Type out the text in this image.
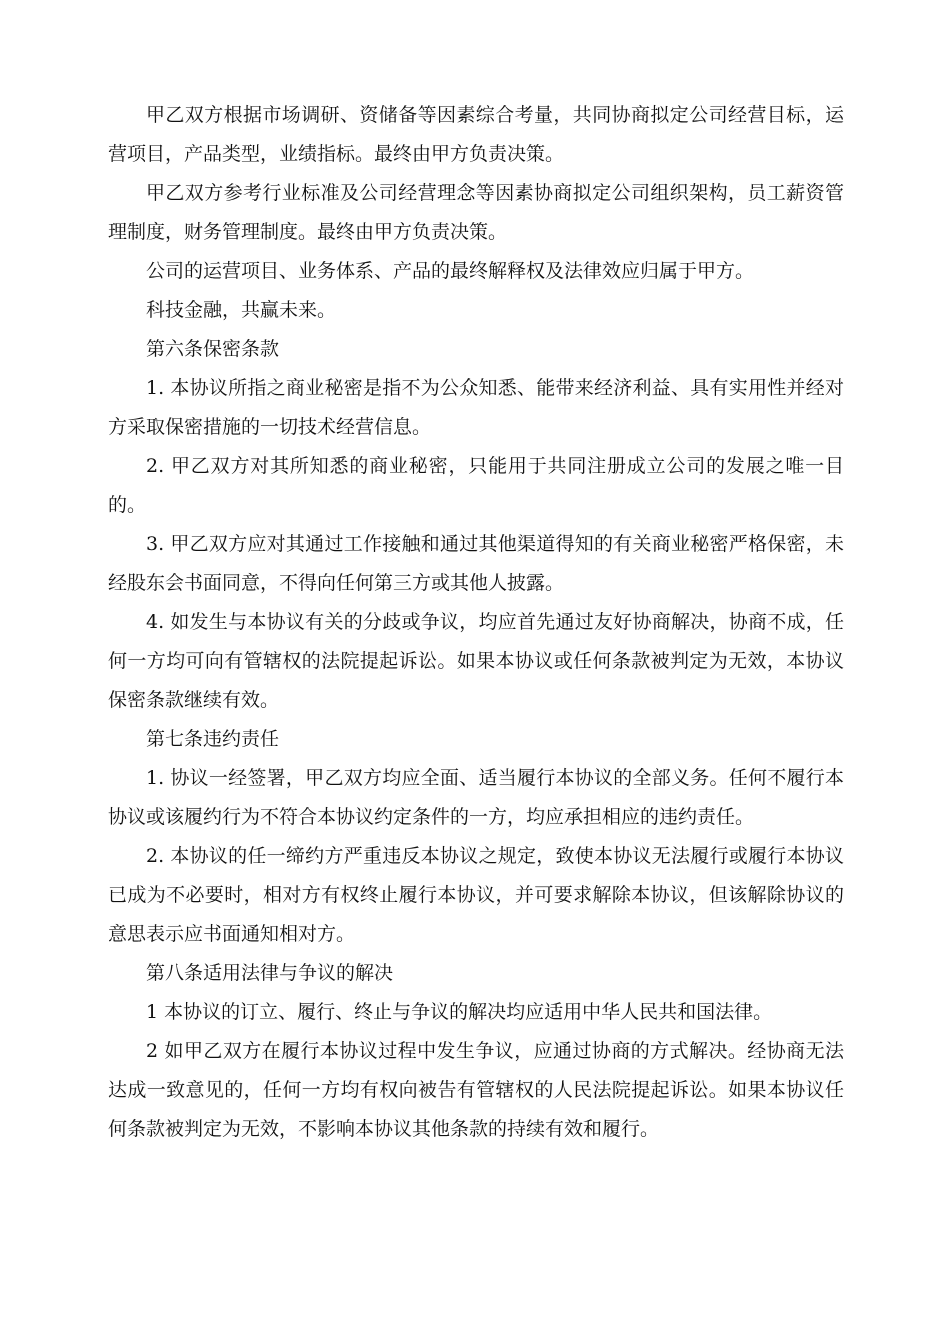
甲乙双方根据市场调研、资储备等因素综合考量，共同协商拟定公司经营目标，运营项目，产品类型，业绩指标。最终由甲方负责决策。

甲乙双方参考行业标准及公司经营理念等因素协商拟定公司组织架构，员工薪资管理制度，财务管理制度。最终由甲方负责决策。

公司的运营项目、业务体系、产品的最终解释权及法律效应归属于甲方。

科技金融，共赢未来。

第六条保密条款

1. 本协议所指之商业秘密是指不为公众知悉、能带来经济利益、具有实用性并经对方采取保密措施的一切技术经营信息。

2. 甲乙双方对其所知悉的商业秘密，只能用于共同注册成立公司的发展之唯一目的。

3. 甲乙双方应对其通过工作接触和通过其他渠道得知的有关商业秘密严格保密，未经股东会书面同意，不得向任何第三方或其他人披露。

4. 如发生与本协议有关的分歧或争议，均应首先通过友好协商解决，协商不成，任何一方均可向有管辖权的法院提起诉讼。如果本协议或任何条款被判定为无效，本协议保密条款继续有效。

第七条违约责任

1. 协议一经签署，甲乙双方均应全面、适当履行本协议的全部义务。任何不履行本协议或该履约行为不符合本协议约定条件的一方，均应承担相应的违约责任。

2. 本协议的任一缔约方严重违反本协议之规定，致使本协议无法履行或履行本协议已成为不必要时，相对方有权终止履行本协议，并可要求解除本协议，但该解除协议的意思表示应书面通知相对方。

第八条适用法律与争议的解决

1 本协议的订立、履行、终止与争议的解决均应适用中华人民共和国法律。

2 如甲乙双方在履行本协议过程中发生争议，应通过协商的方式解决。经协商无法达成一致意见的，任何一方均有权向被告有管辖权的人民法院提起诉讼。如果本协议任何条款被判定为无效，不影响本协议其他条款的持续有效和履行。
